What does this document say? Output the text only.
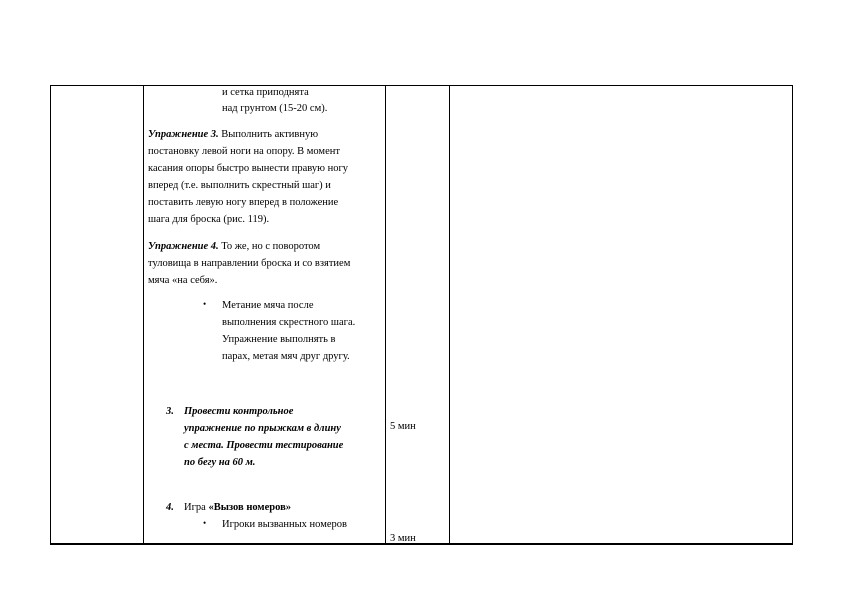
и сетка приподнята
над грунтом (15-20 см).
Упражнение 3. Выполнить активную
постановку левой ноги на опору. В момент
касания опоры быстро вынести правую ногу
вперед (т.е. выполнить скрестный шаг) и
поставить левую ногу вперед в положение
шага для броска (рис. 119).
Упражнение 4. То же, но с поворотом
туловища в направлении броска и со взятием
мяча «на себя».
• Метание мяча после
выполнения скрестного шага.
Упражнение выполнять в
парах, метая мяч друг другу.
3. Провести контрольное
упражнение по прыжкам в длину
с места. Провести тестирование
по бегу на 60 м.
5 мин
4. Игра «Вызов номеров»
• Игроки вызванных номеров
3 мин
